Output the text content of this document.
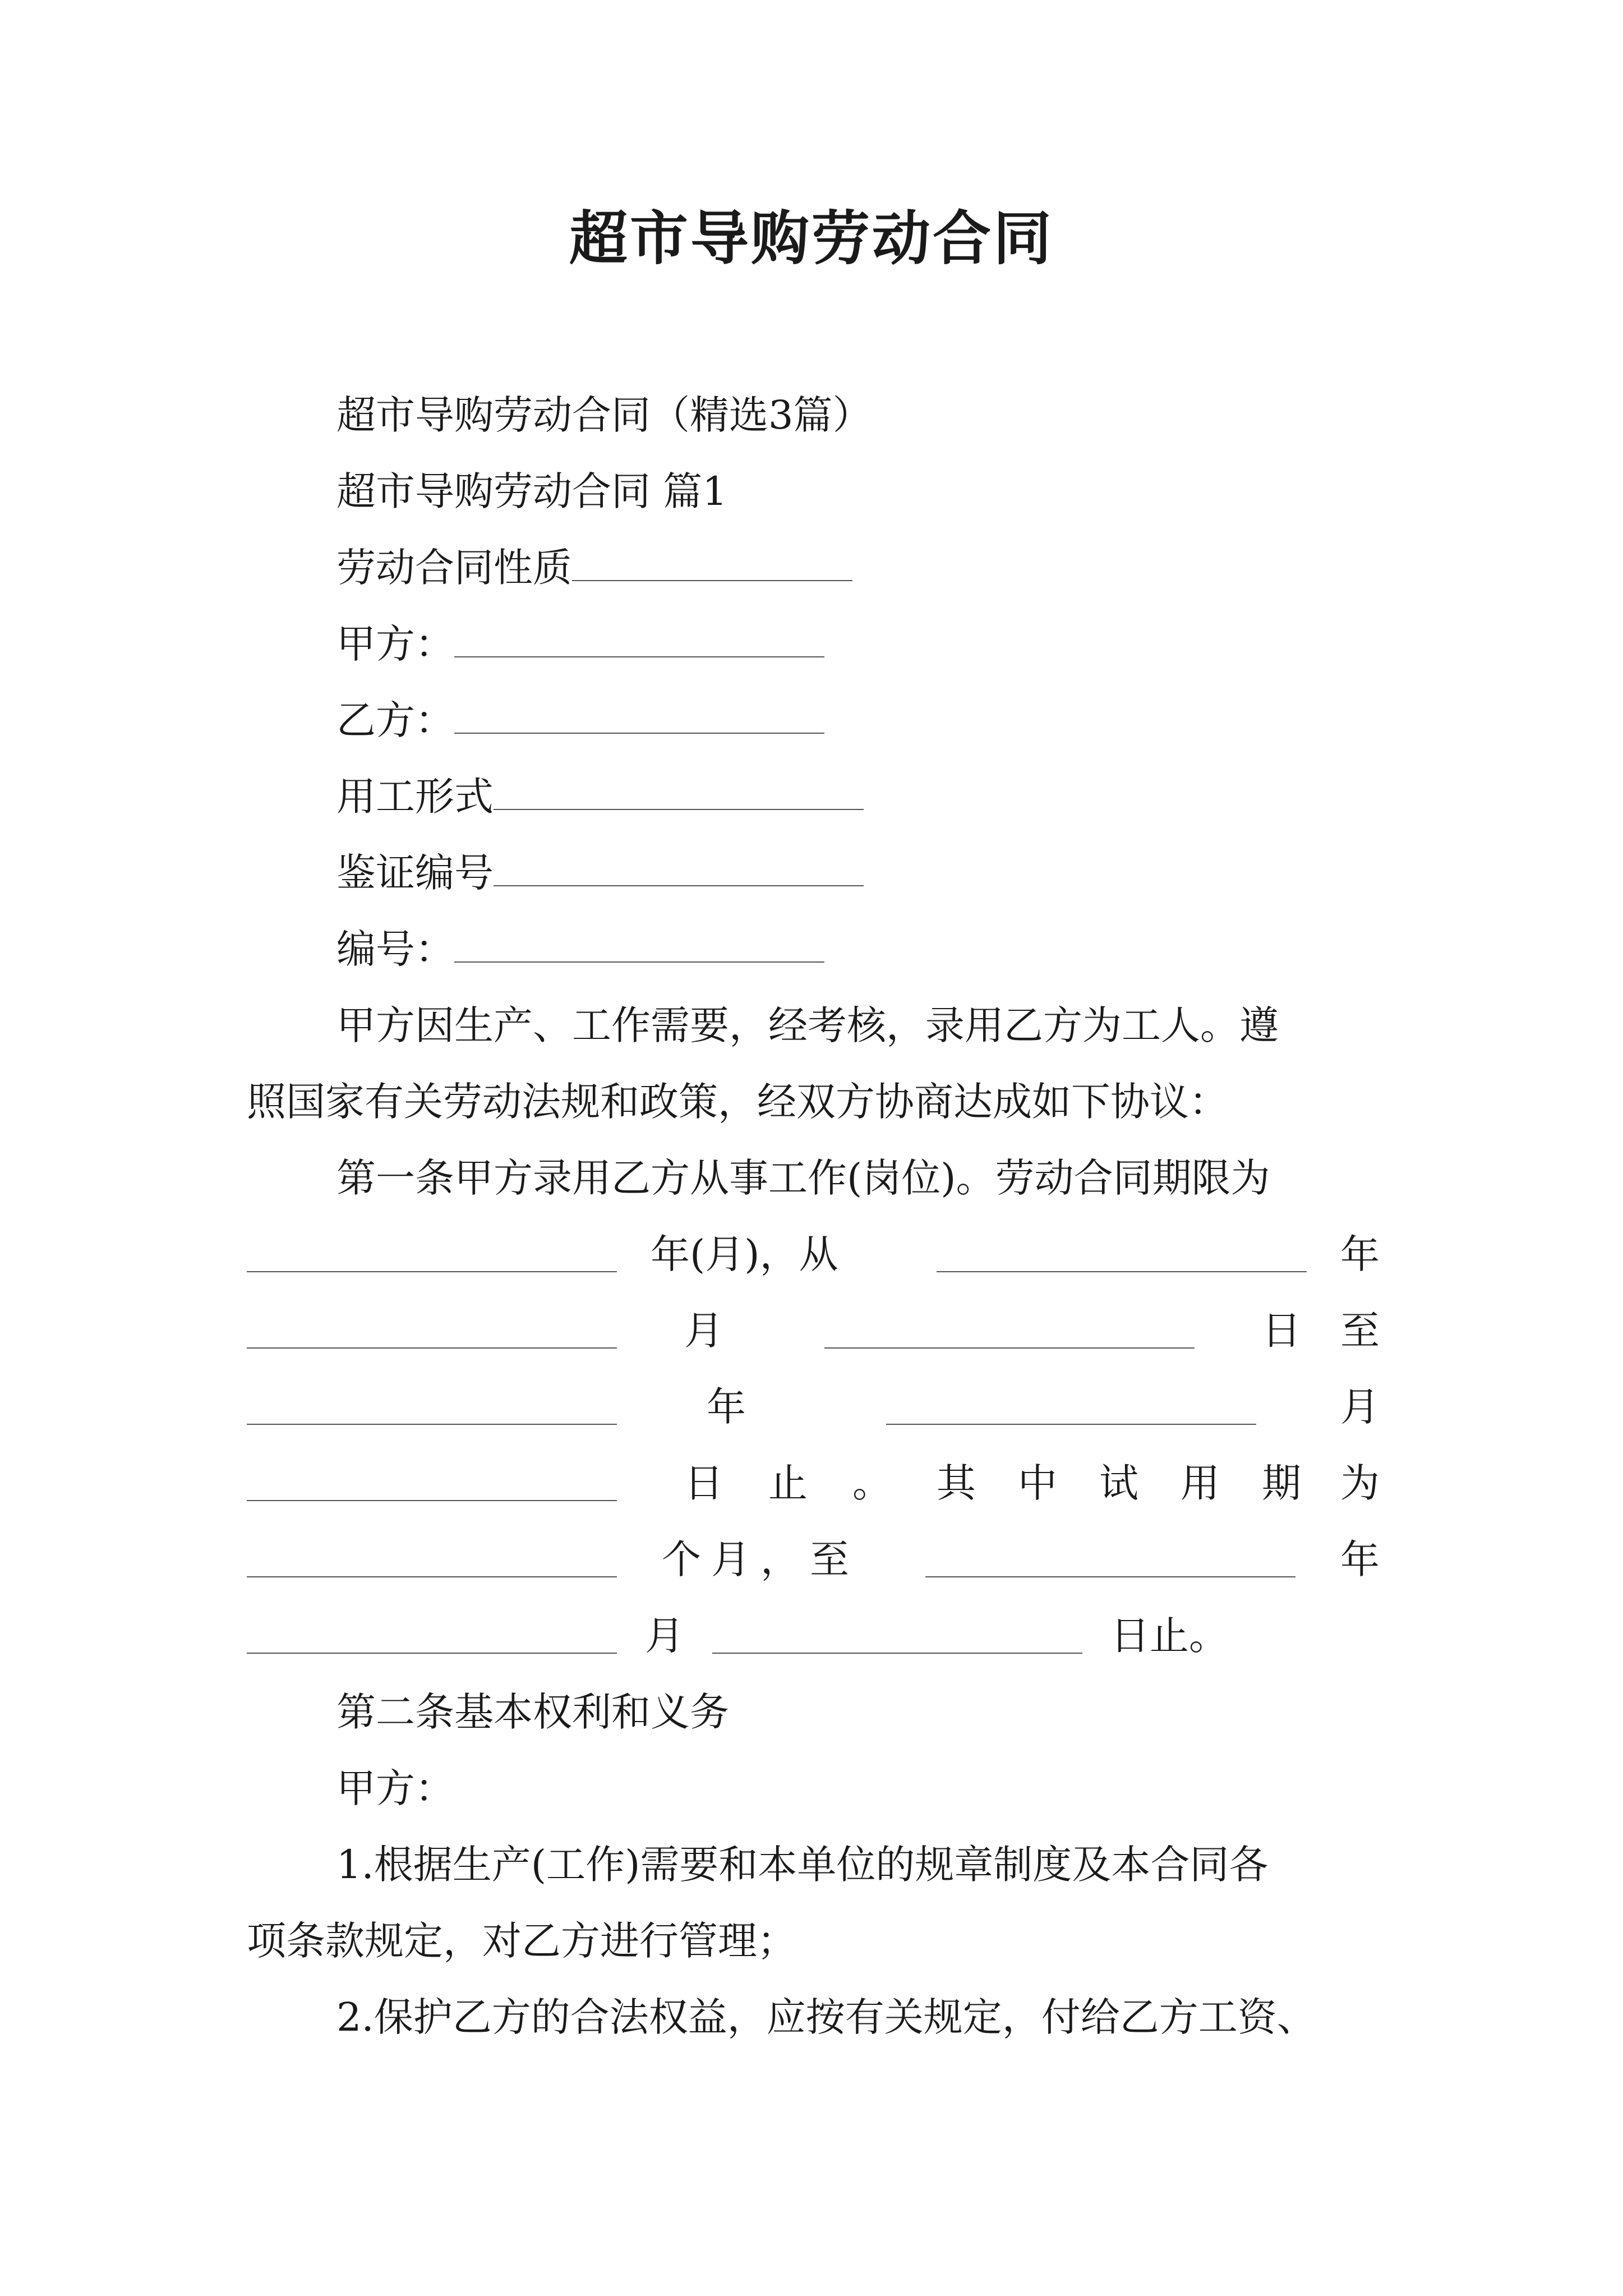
超市导购劳动合同
超市导购劳动合同（精选3篇）
超市导购劳动合同 篇1
劳动合同性质
甲方：
乙方：
用工形式
鉴证编号
编号：
甲方因生产、工作需要，经考核，录用乙方为工人。遵
照国家有关劳动法规和政策，经双方协商达成如下协议：
第一条甲方录用乙方从事工作(岗位)。劳动合同期限为
年(月)，从	年
月	日 至
年	月
日 止 。 其 中 试 用 期 为
个月，至	年
月	日止。
第二条基本权利和义务
甲方：
1.根据生产(工作)需要和本单位的规章制度及本合同各
项条款规定，对乙方进行管理；
2.保护乙方的合法权益，应按有关规定，付给乙方工资、
